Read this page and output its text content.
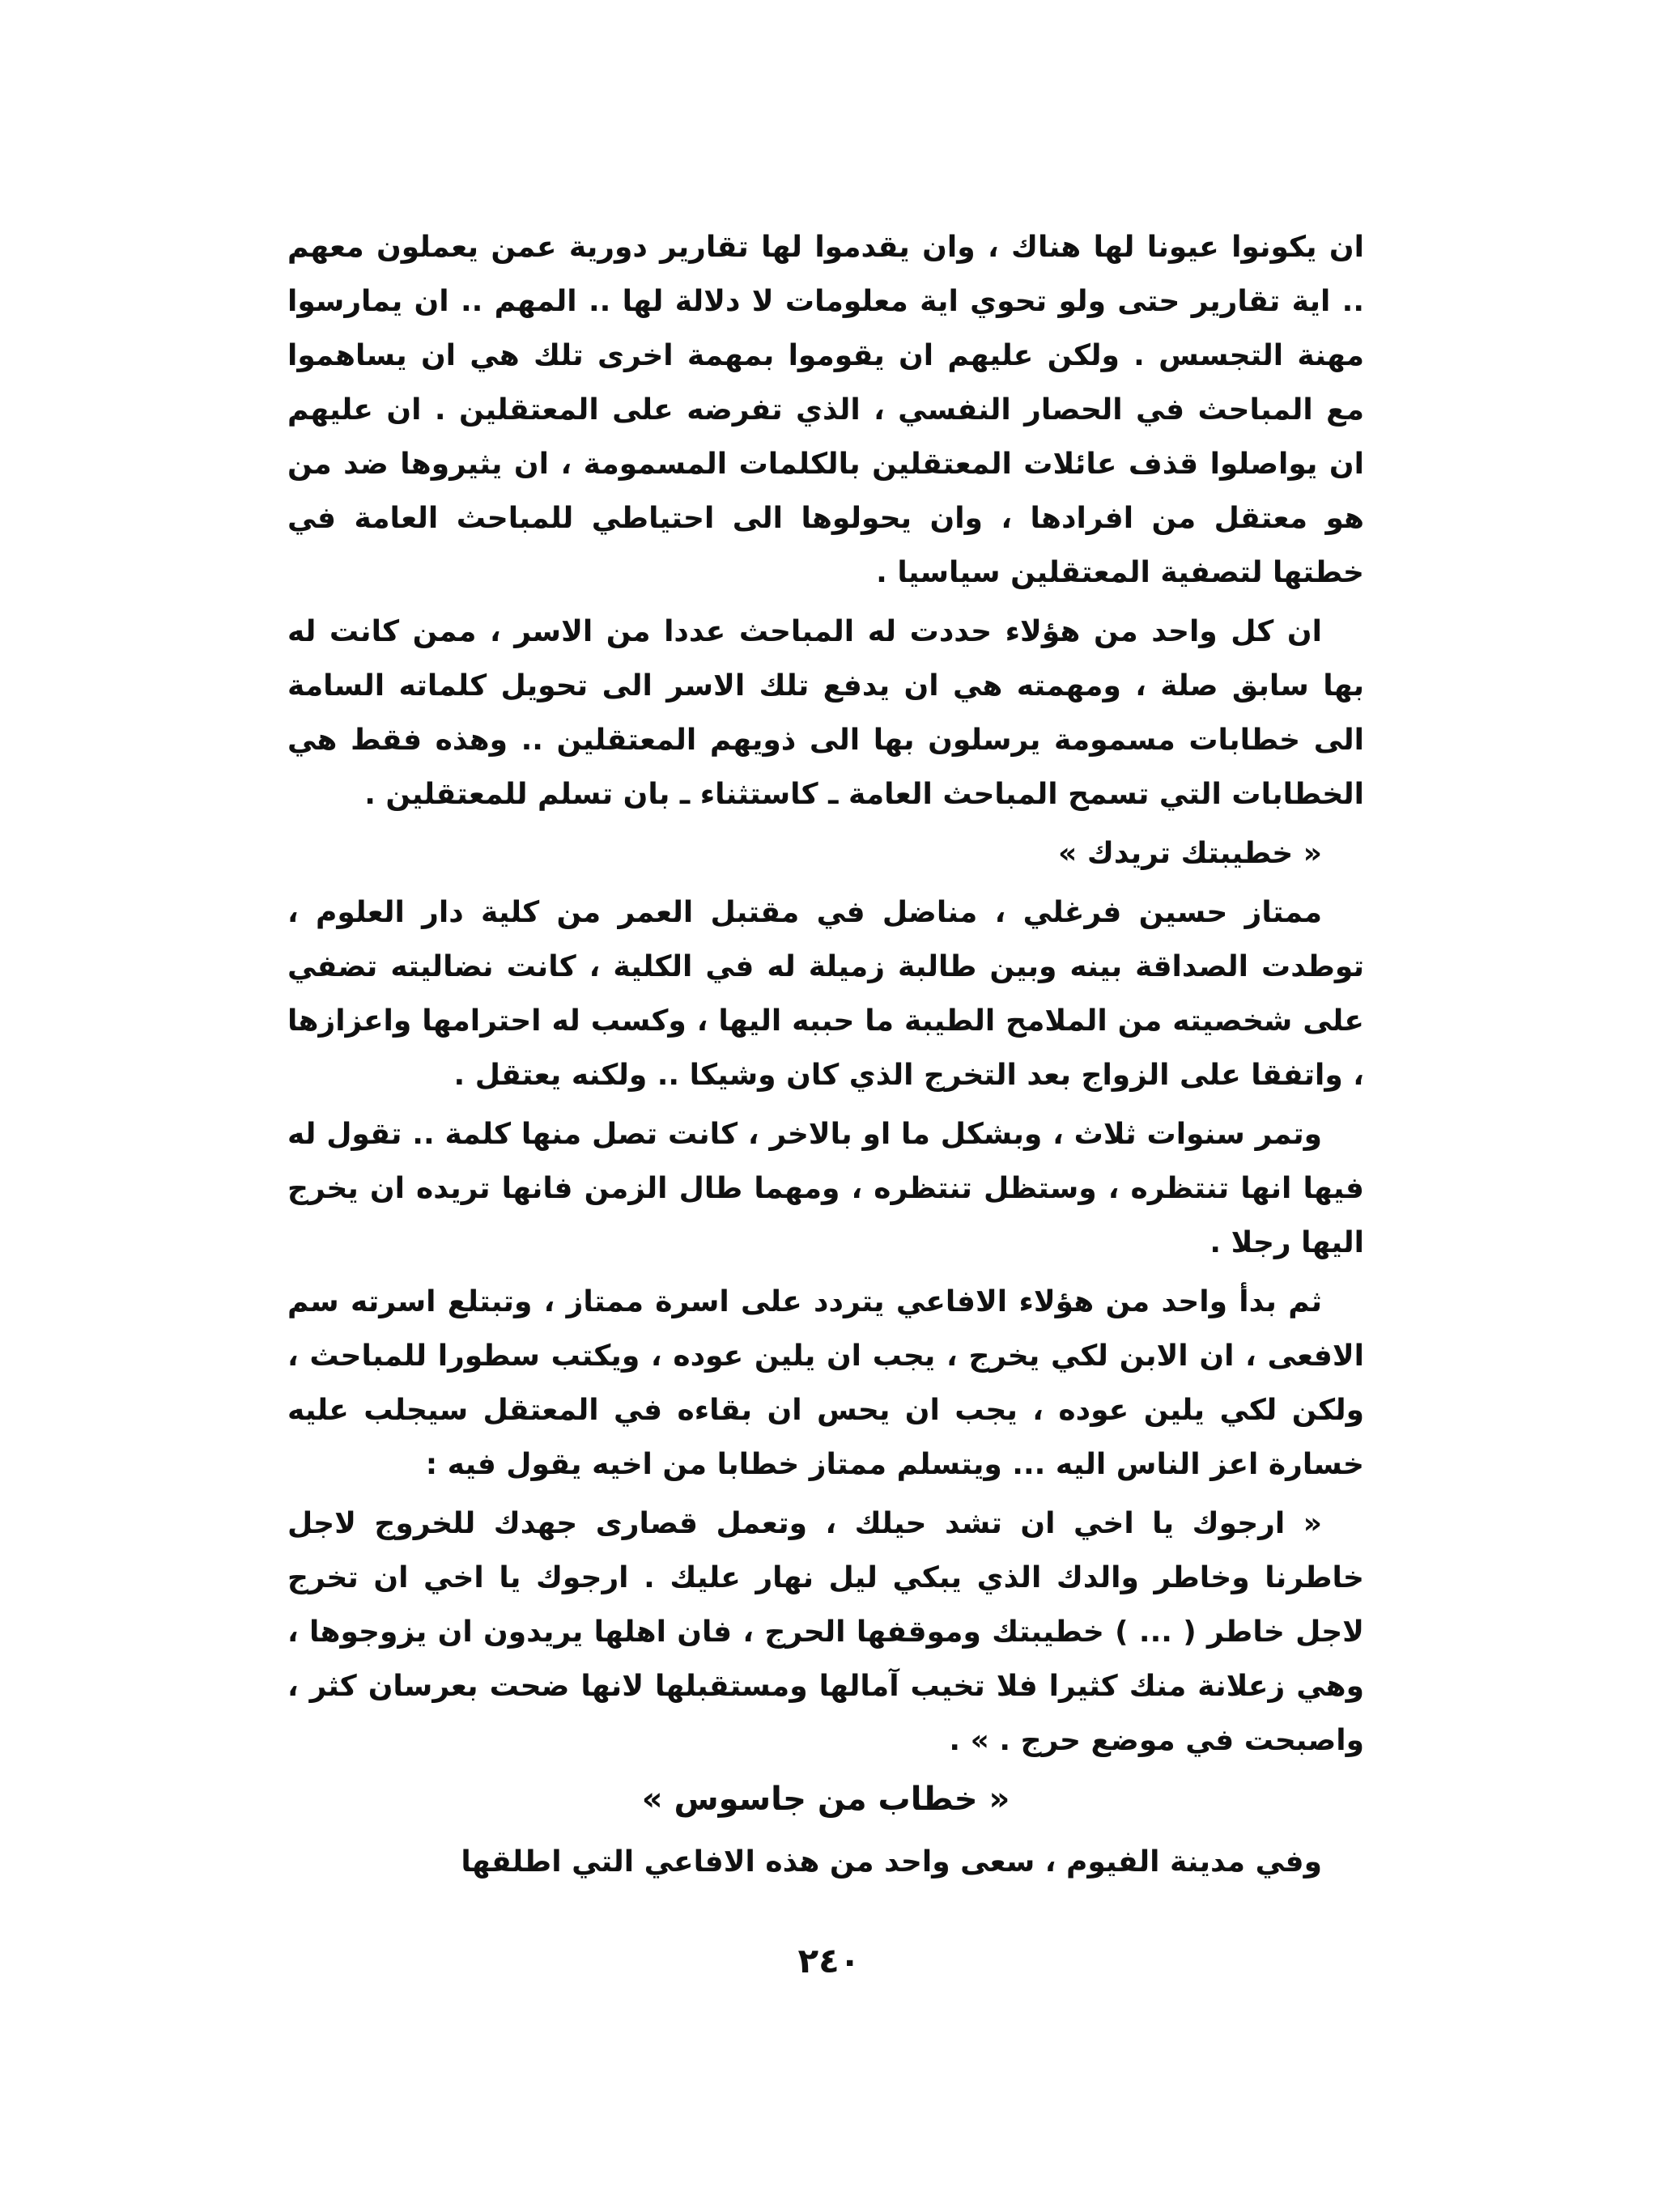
ان يكونوا عيونا لها هناك ، وان يقدموا لها تقارير دورية عمن يعملون معهم .. اية تقارير حتى ولو تحوي اية معلومات لا دلالة لها .. المهم .. ان يمارسوا مهنة التجسس . ولكن عليهم ان يقوموا بمهمة اخرى تلك هي ان يساهموا مع المباحث في الحصار النفسي ، الذي تفرضه على المعتقلين . ان عليهم ان يواصلوا قذف عائلات المعتقلين بالكلمات المسمومة ، ان يثيروها ضد من هو معتقل من افرادها ، وان يحولوها الى احتياطي للمباحث العامة في خطتها لتصفية المعتقلين سياسيا .

ان كل واحد من هؤلاء حددت له المباحث عددا من الاسر ، ممن كانت له بها سابق صلة ، ومهمته هي ان يدفع تلك الاسر الى تحويل كلماته السامة الى خطابات مسمومة يرسلون بها الى ذويهم المعتقلين .. وهذه فقط هي الخطابات التي تسمح المباحث العامة ـ كاستثناء ـ بان تسلم للمعتقلين .

« خطيبتك تريدك »

ممتاز حسين فرغلي ، مناضل في مقتبل العمر من كلية دار العلوم ، توطدت الصداقة بينه وبين طالبة زميلة له في الكلية ، كانت نضاليته تضفي على شخصيته من الملامح الطيبة ما حببه اليها ، وكسب له احترامها واعزازها ، واتفقا على الزواج بعد التخرج الذي كان وشيكا .. ولكنه يعتقل .

وتمر سنوات ثلاث ، وبشكل ما او بالاخر ، كانت تصل منها كلمة .. تقول له فيها انها تنتظره ، وستظل تنتظره ، ومهما طال الزمن فانها تريده ان يخرج اليها رجلا .

ثم بدأ واحد من هؤلاء الافاعي يتردد على اسرة ممتاز ، وتبتلع اسرته سم الافعى ، ان الابن لكي يخرج ، يجب ان يلين عوده ، ويكتب سطورا للمباحث ، ولكن لكي يلين عوده ، يجب ان يحس ان بقاءه في المعتقل سيجلب عليه خسارة اعز الناس اليه ... ويتسلم ممتاز خطابا من اخيه يقول فيه :

« ارجوك يا اخي ان تشد حيلك ، وتعمل قصارى جهدك للخروج لاجل خاطرنا وخاطر والدك الذي يبكي ليل نهار عليك . ارجوك يا اخي ان تخرج لاجل خاطر ( ... ) خطيبتك وموقفها الحرج ، فان اهلها يريدون ان يزوجوها ، وهي زعلانة منك كثيرا فلا تخيب آمالها ومستقبلها لانها ضحت بعرسان كثر ، واصبحت في موضع حرج . » .

« خطاب من جاسوس »

وفي مدينة الفيوم ، سعى واحد من هذه الافاعي التي اطلقها

٢٤٠
